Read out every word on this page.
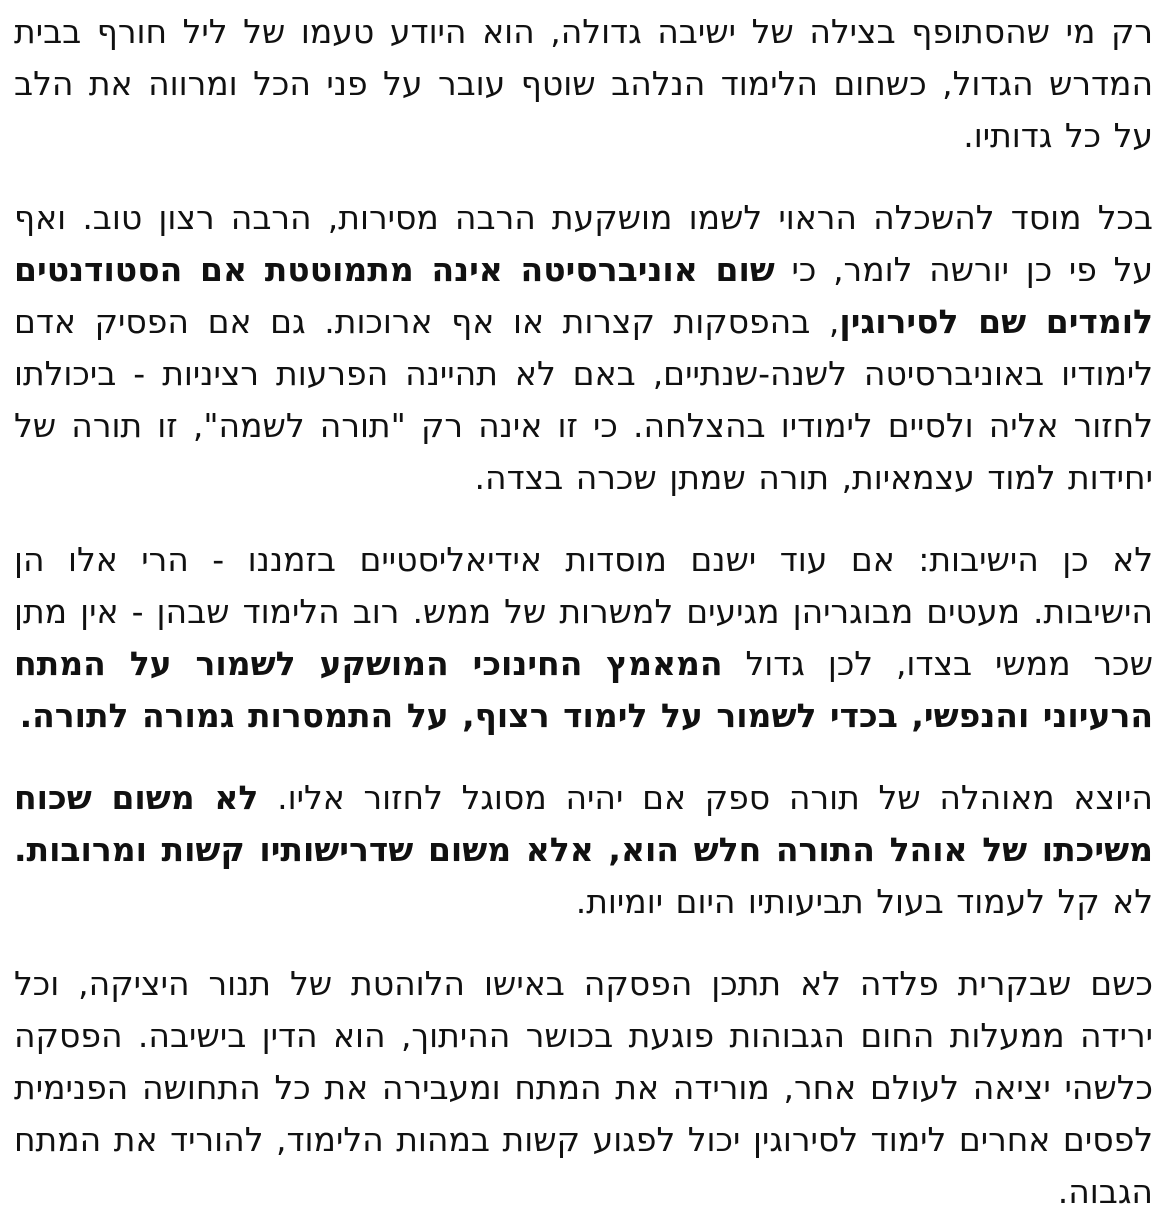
רק מי שהסתופף בצילה של ישיבה גדולה, הוא היודע טעמו של ליל חורף בבית המדרש הגדול, כשחום הלימוד הנלהב שוטף עובר על פני הכל ומרווה את הלב על כל גדותיו.

בכל מוסד להשכלה הראוי לשמו מושקעת הרבה מסירות, הרבה רצון טוב. ואף על פי כן יורשה לומר, כי שום אוניברסיטה אינה מתמוטטת אם הסטודנטים לומדים שם לסירוגין, בהפסקות קצרות או אף ארוכות. גם אם הפסיק אדם לימודיו באוניברסיטה לשנה-שנתיים, באם לא תהיינה הפרעות רציניות - ביכולתו לחזור אליה ולסיים לימודיו בהצלחה. כי זו אינה רק "תורה לשמה", זו תורה של יחידות למוד עצמאיות, תורה שמתן שכרה בצדה.

לא כן הישיבות: אם עוד ישנם מוסדות אידיאליסטיים בזמננו - הרי אלו הן הישיבות. מעטים מבוגריהן מגיעים למשרות של ממש. רוב הלימוד שבהן - אין מתן שכר ממשי בצדו, לכן גדול המאמץ החינוכי המושקע לשמור על המתח הרעיוני והנפשי, בכדי לשמור על לימוד רצוף, על התמסרות גמורה לתורה.

היוצא מאוהלה של תורה ספק אם יהיה מסוגל לחזור אליו. לא משום שכוח משיכתו של אוהל התורה חלש הוא, אלא משום שדרישותיו קשות ומרובות. לא קל לעמוד בעול תביעותיו היום יומיות.

כשם שבקרית פלדה לא תתכן הפסקה באישו הלוהטת של תנור היציקה, וכל ירידה ממעלות החום הגבוהות פוגעת בכושר ההיתוך, הוא הדין בישיבה. הפסקה כלשהי יציאה לעולם אחר, מורידה את המתח ומעבירה את כל התחושה הפנימית לפסים אחרים לימוד לסירוגין יכול לפגוע קשות במהות הלימוד, להוריד את המתח הגבוה.
